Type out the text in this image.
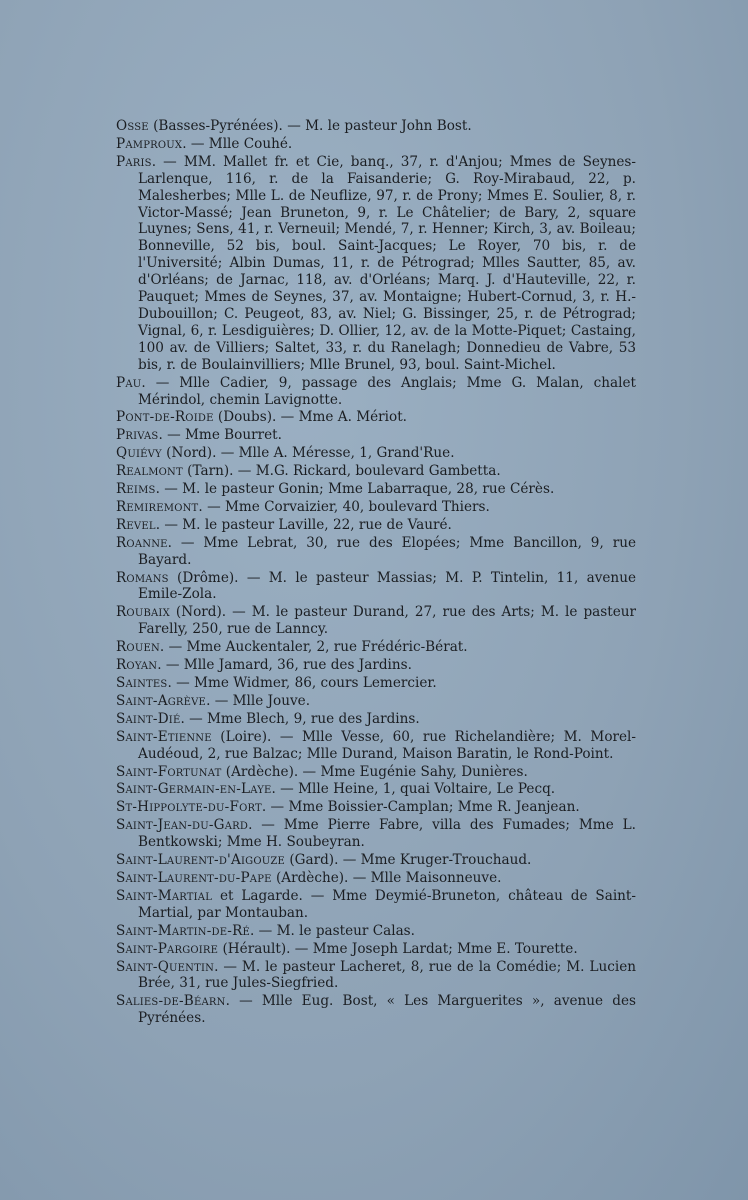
Osse (Basses-Pyrénées). — M. le pasteur John Bost.
Pamproux. — Mlle Couhé.
Paris. — MM. Mallet fr. et Cie, banq., 37, r. d'Anjou; Mmes de Seynes-Larlenque, 116, r. de la Faisanderie; G. Roy-Mirabaud, 22, p. Malesherbes; Mlle L. de Neuflize, 97, r. de Prony; Mmes E. Soulier, 8, r. Victor-Massé; Jean Bruneton, 9, r. Le Châtelier; de Bary, 2, square Luynes; Sens, 41, r. Verneuil; Mendé, 7, r. Henner; Kirch, 3, av. Boileau; Bonneville, 52 bis, boul. Saint-Jacques; Le Royer, 70 bis, r. de l'Université; Albin Dumas, 11, r. de Pétrograd; Mlles Sautter, 85, av. d'Orléans; de Jarnac, 118, av. d'Orléans; Marq. J. d'Hauteville, 22, r. Pauquet; Mmes de Seynes, 37, av. Montaigne; Hubert-Cornud, 3, r. H.-Dubouillon; C. Peugeot, 83, av. Niel; G. Bissinger, 25, r. de Pétrograd; Vignal, 6, r. Lesdiguières; D. Ollier, 12, av. de la Motte-Piquet; Castaing, 100 av. de Villiers; Saltet, 33, r. du Ranelagh; Donnedieu de Vabre, 53 bis, r. de Boulainvilliers; Mlle Brunel, 93, boul. Saint-Michel.
Pau. — Mlle Cadier, 9, passage des Anglais; Mme G. Malan, chalet Mérindol, chemin Lavignotte.
Pont-de-Roide (Doubs). — Mme A. Mériot.
Privas. — Mme Bourret.
Quiévy (Nord). — Mlle A. Méresse, 1, Grand'Rue.
Realmont (Tarn). — M.G. Rickard, boulevard Gambetta.
Reims. — M. le pasteur Gonin; Mme Labarraque, 28, rue Cérès.
Remiremont. — Mme Corvaizier, 40, boulevard Thiers.
Revel. — M. le pasteur Laville, 22, rue de Vauré.
Roanne. — Mme Lebrat, 30, rue des Elopées; Mme Bancillon, 9, rue Bayard.
Romans (Drôme). — M. le pasteur Massias; M. P. Tintelin, 11, avenue Emile-Zola.
Roubaix (Nord). — M. le pasteur Durand, 27, rue des Arts; M. le pasteur Farelly, 250, rue de Lanncy.
Rouen. — Mme Auckentaler, 2, rue Frédéric-Bérat.
Royan. — Mlle Jamard, 36, rue des Jardins.
Saintes. — Mme Widmer, 86, cours Lemercier.
Saint-Agrève. — Mlle Jouve.
Saint-Dié. — Mme Blech, 9, rue des Jardins.
Saint-Etienne (Loire). — Mlle Vesse, 60, rue Richelandière; M. Morel-Audéoud, 2, rue Balzac; Mlle Durand, Maison Baratin, le Rond-Point.
Saint-Fortunat (Ardèche). — Mme Eugénie Sahy, Dunières.
Saint-Germain-en-Laye. — Mlle Heine, 1, quai Voltaire, Le Pecq.
St-Hippolyte-du-Fort. — Mme Boissier-Camplan; Mme R. Jeanjean.
Saint-Jean-du-Gard. — Mme Pierre Fabre, villa des Fumades; Mme L. Bentkowski; Mme H. Soubeyran.
Saint-Laurent-d'Aigouze (Gard). — Mme Kruger-Trouchaud.
Saint-Laurent-du-Pape (Ardèche). — Mlle Maisonneuve.
Saint-Martial et Lagarde. — Mme Deymié-Bruneton, château de Saint-Martial, par Montauban.
Saint-Martin-de-Ré. — M. le pasteur Calas.
Saint-Pargoire (Hérault). — Mme Joseph Lardat; Mme E. Tourette.
Saint-Quentin. — M. le pasteur Lacheret, 8, rue de la Comédie; M. Lucien Brée, 31, rue Jules-Siegfried.
Salies-de-Béarn. — Mlle Eug. Bost, « Les Marguerites », avenue des Pyrénées.
